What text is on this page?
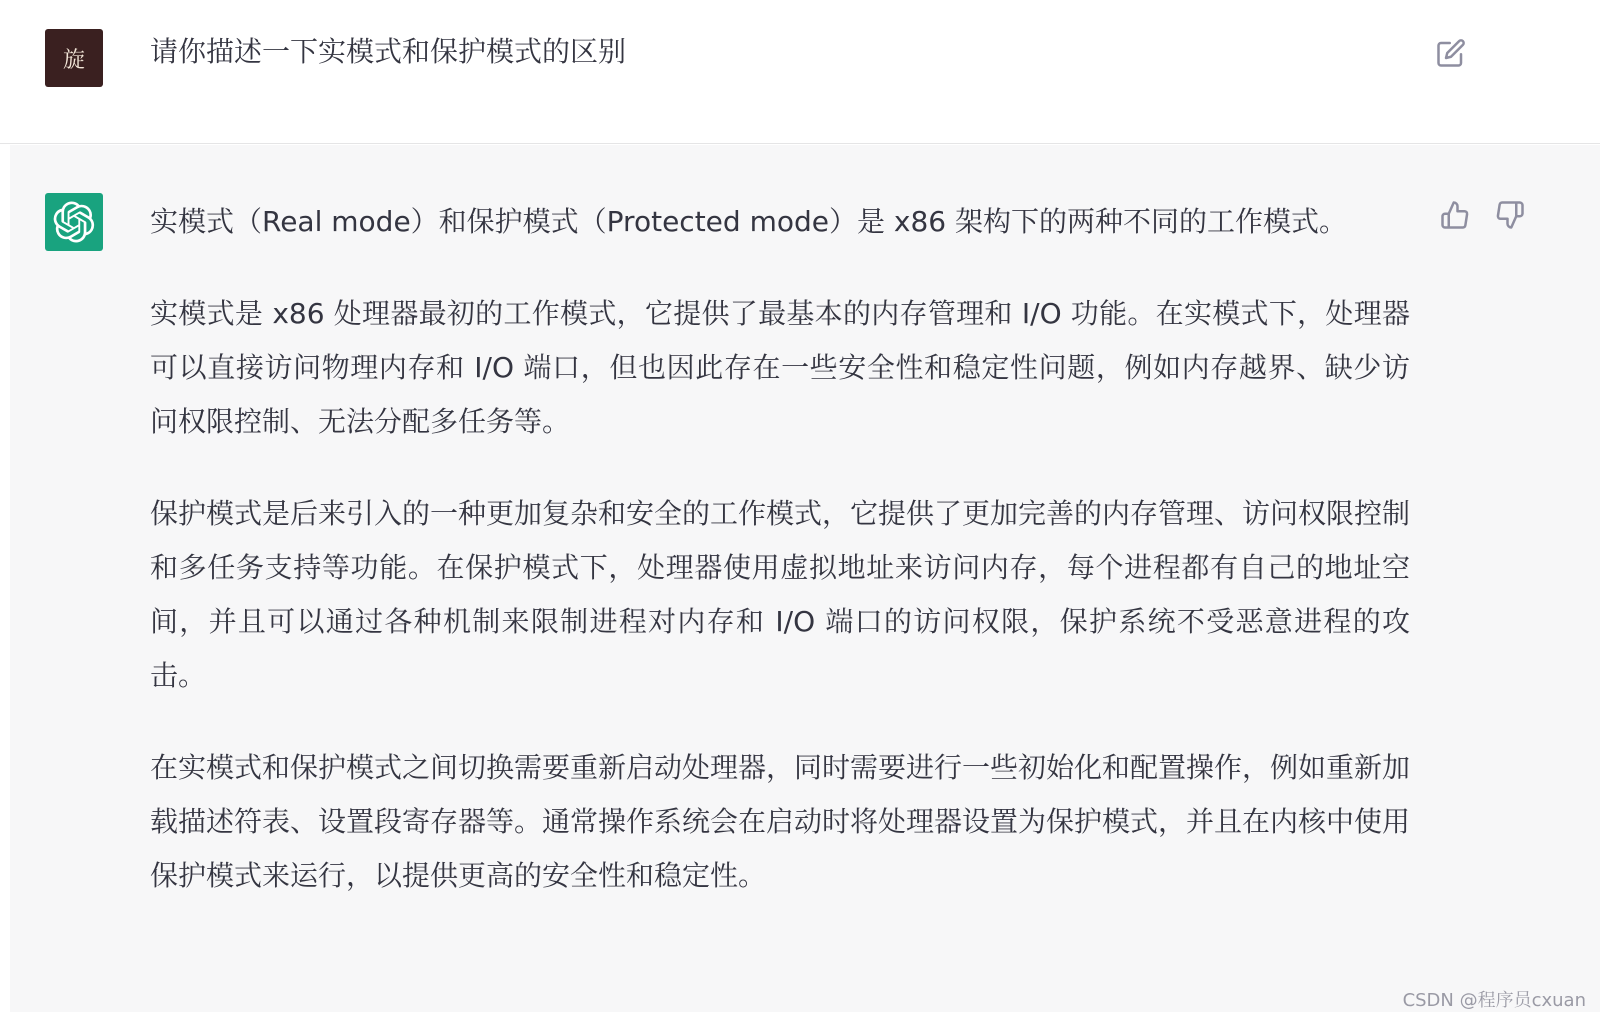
旋 请你描述一下实模式和保护模式的区别

实模式（Real mode）和保护模式（Protected mode）是 x86 架构下的两种不同的工作模式。

实模式是 x86 处理器最初的工作模式，它提供了最基本的内存管理和 I/O 功能。在实模式下，处理器可以直接访问物理内存和 I/O 端口，但也因此存在一些安全性和稳定性问题，例如内存越界、缺少访问权限控制、无法分配多任务等。

保护模式是后来引入的一种更加复杂和安全的工作模式，它提供了更加完善的内存管理、访问权限控制和多任务支持等功能。在保护模式下，处理器使用虚拟地址来访问内存，每个进程都有自己的地址空间，并且可以通过各种机制来限制进程对内存和 I/O 端口的访问权限，保护系统不受恶意进程的攻击。

在实模式和保护模式之间切换需要重新启动处理器，同时需要进行一些初始化和配置操作，例如重新加载描述符表、设置段寄存器等。通常操作系统会在启动时将处理器设置为保护模式，并且在内核中使用保护模式来运行，以提供更高的安全性和稳定性。

CSDN @程序员cxuan
